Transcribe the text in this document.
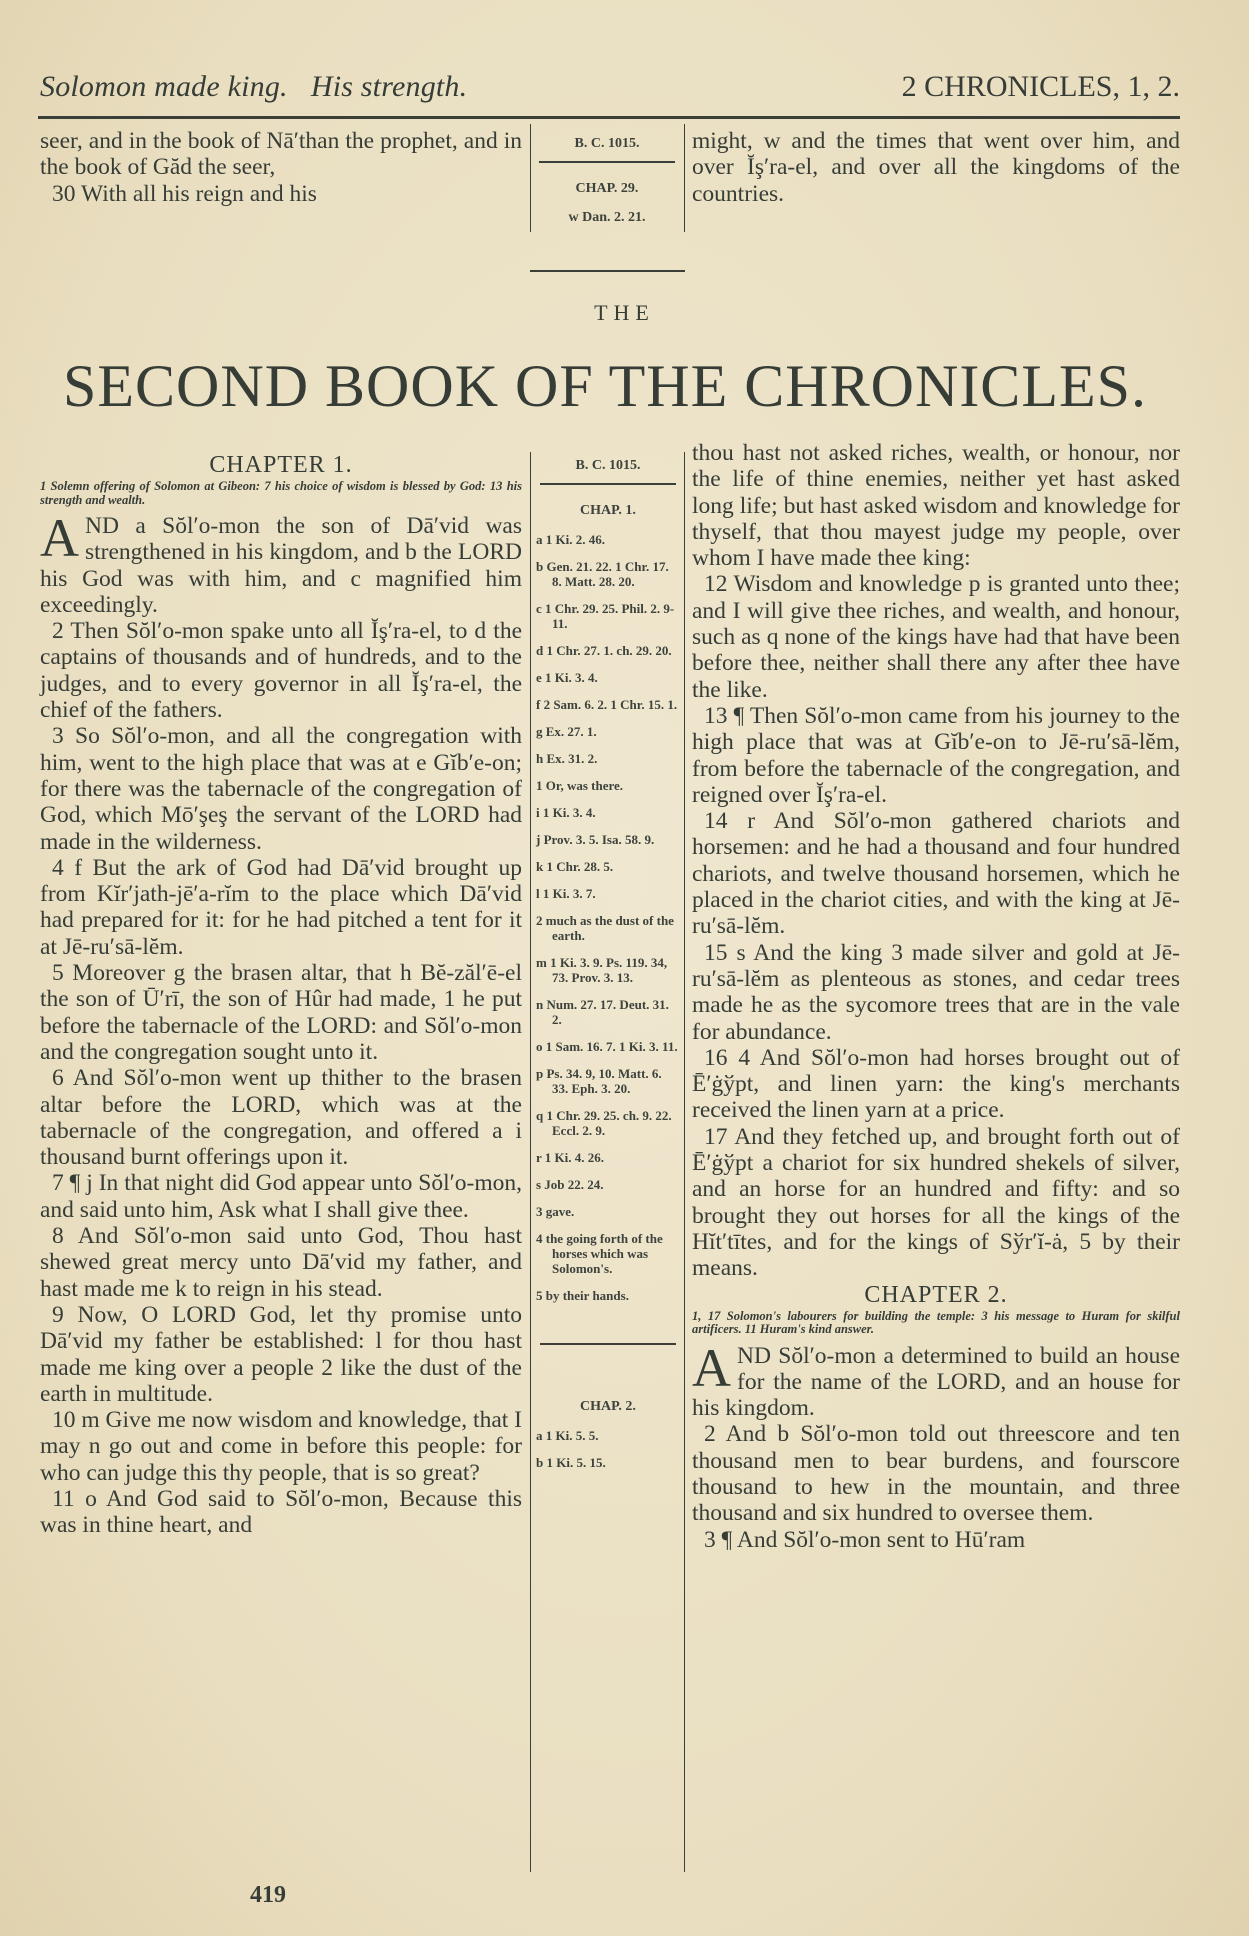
Solomon made king.   His strength.	2 CHRONICLES, 1, 2.

seer, and in the book of Nā′than the prophet, and in the book of Găd the seer,

30 With all his reign and his

B. C. 1015.
CHAP. 29.
w Dan. 2. 21.

might, w and the times that went over him, and over Ĭş′ra-el, and over all the kingdoms of the countries.

THE
SECOND BOOK OF THE CHRONICLES.
CHAPTER 1.
1 Solemn offering of Solomon at Gibeon: 7 his choice of wisdom is blessed by God: 13 his strength and wealth.
A ND a Sŏl′o-mon the son of Dā′vid was strengthened in his kingdom, and b the LORD his God was with him, and c magnified him exceedingly.

2 Then Sŏl′o-mon spake unto all Ĭş′ra-el, to d the captains of thousands and of hundreds, and to the judges, and to every governor in all Ĭş′ra-el, the chief of the fathers.

3 So Sŏl′o-mon, and all the congregation with him, went to the high place that was at e Gĭb′e-on; for there was the tabernacle of the congregation of God, which Mō′şeş the servant of the LORD had made in the wilderness.

4 f But the ark of God had Dā′vid brought up from Kĭr′jath-jē′a-rĭm to the place which Dā′vid had prepared for it: for he had pitched a tent for it at Jē-ru′sā-lĕm.

5 Moreover g the brasen altar, that h Bĕ-zăl′ē-el the son of Ū′rī, the son of Hûr had made, 1 he put before the tabernacle of the LORD: and Sŏl′o-mon and the congregation sought unto it.

6 And Sŏl′o-mon went up thither to the brasen altar before the LORD, which was at the tabernacle of the congregation, and offered a i thousand burnt offerings upon it.

7 ¶ j In that night did God appear unto Sŏl′o-mon, and said unto him, Ask what I shall give thee.

8 And Sŏl′o-mon said unto God, Thou hast shewed great mercy unto Dā′vid my father, and hast made me k to reign in his stead.

9 Now, O LORD God, let thy promise unto Dā′vid my father be established: l for thou hast made me king over a people 2 like the dust of the earth in multitude.

10 m Give me now wisdom and knowledge, that I may n go out and come in before this people: for who can judge this thy people, that is so great?

11 o And God said to Sŏl′o-mon, Because this was in thine heart, and

B. C. 1015.
CHAP. 1.
a 1 Ki. 2. 46.
b Gen. 21. 22. 1 Chr. 17. 8. Matt. 28. 20.
c 1 Chr. 29. 25. Phil. 2. 9-11.
d 1 Chr. 27. 1. ch. 29. 20.
e 1 Ki. 3. 4.
f 2 Sam. 6. 2. 1 Chr. 15. 1.
g Ex. 27. 1.
h Ex. 31. 2.
1 Or, was there.
i 1 Ki. 3. 4.
j Prov. 3. 5. Isa. 58. 9.
k 1 Chr. 28. 5.
l 1 Ki. 3. 7.
2 much as the dust of the earth.
m 1 Ki. 3. 9. Ps. 119. 34, 73. Prov. 3. 13.
n Num. 27. 17. Deut. 31. 2.
o 1 Sam. 16. 7. 1 Ki. 3. 11.
p Ps. 34. 9, 10. Matt. 6. 33. Eph. 3. 20.
q 1 Chr. 29. 25. ch. 9. 22. Eccl. 2. 9.
r 1 Ki. 4. 26.
s Job 22. 24.
3 gave.
4 the going forth of the horses which was Solomon's.
5 by their hands.
CHAP. 2.
a 1 Ki. 5. 5.
b 1 Ki. 5. 15.

thou hast not asked riches, wealth, or honour, nor the life of thine enemies, neither yet hast asked long life; but hast asked wisdom and knowledge for thyself, that thou mayest judge my people, over whom I have made thee king:

12 Wisdom and knowledge p is granted unto thee; and I will give thee riches, and wealth, and honour, such as q none of the kings have had that have been before thee, neither shall there any after thee have the like.

13 ¶ Then Sŏl′o-mon came from his journey to the high place that was at Gĭb′e-on to Jē-ru′sā-lĕm, from before the tabernacle of the congregation, and reigned over Ĭş′ra-el.

14 r And Sŏl′o-mon gathered chariots and horsemen: and he had a thousand and four hundred chariots, and twelve thousand horsemen, which he placed in the chariot cities, and with the king at Jē-ru′sā-lĕm.

15 s And the king 3 made silver and gold at Jē-ru′sā-lĕm as plenteous as stones, and cedar trees made he as the sycomore trees that are in the vale for abundance.

16 4 And Sŏl′o-mon had horses brought out of Ē′ġўpt, and linen yarn: the king's merchants received the linen yarn at a price.

17 And they fetched up, and brought forth out of Ē′ġўpt a chariot for six hundred shekels of silver, and an horse for an hundred and fifty: and so brought they out horses for all the kings of the Hĭt′tītes, and for the kings of Sўr′ĭ-ȧ, 5 by their means.

CHAPTER 2.
1, 17 Solomon's labourers for building the temple: 3 his message to Huram for skilful artificers. 11 Huram's kind answer.
A ND Sŏl′o-mon a determined to build an house for the name of the LORD, and an house for his kingdom.

2 And b Sŏl′o-mon told out threescore and ten thousand men to bear burdens, and fourscore thousand to hew in the mountain, and three thousand and six hundred to oversee them.

3 ¶ And Sŏl′o-mon sent to Hū′ram

419
